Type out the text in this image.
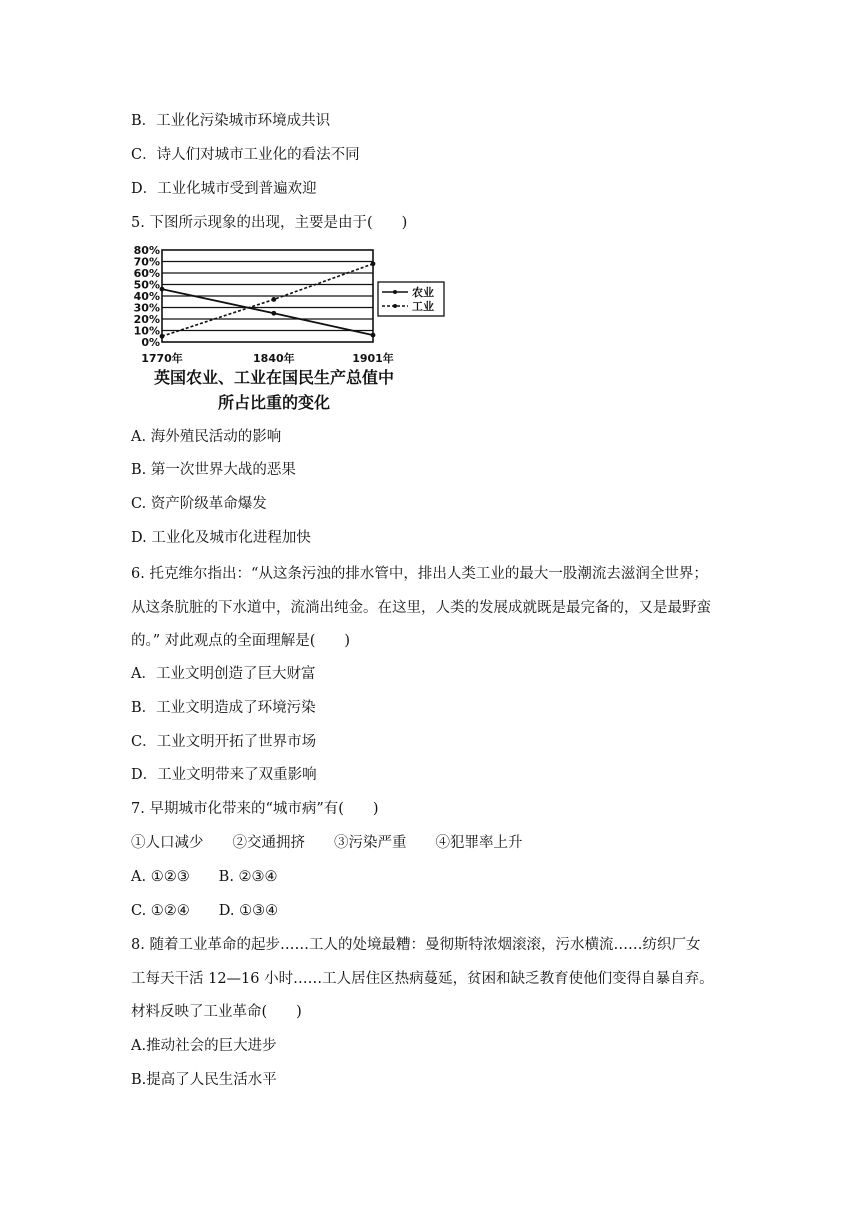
B．工业化污染城市环境成共识
C．诗人们对城市工业化的看法不同
D．工业化城市受到普遍欢迎
5. 下图所示现象的出现，主要是由于(　　)
0%
10%
20%
30%
40%
50%
60%
70%
80%
1770年	1840年	1901年
农业
工业
英国农业、工业在国民生产总值中
所占比重的变化
A. 海外殖民活动的影响
B. 第一次世界大战的恶果
C. 资产阶级革命爆发
D. 工业化及城市化进程加快
6. 托克维尔指出：“从这条污浊的排水管中，排出人类工业的最大一股潮流去滋润全世界；
从这条肮脏的下水道中，流淌出纯金。在这里，人类的发展成就既是最完备的，又是最野蛮
的。” 对此观点的全面理解是(　　)
A．工业文明创造了巨大财富
B．工业文明造成了环境污染
C．工业文明开拓了世界市场
D．工业文明带来了双重影响
7. 早期城市化带来的“城市病”有(　　)
①人口减少　　②交通拥挤　　③污染严重　　④犯罪率上升
A. ①②③　　B. ②③④
C. ①②④　　D. ①③④
8. 随着工业革命的起步……工人的处境最糟：曼彻斯特浓烟滚滚，污水横流……纺织厂女
工每天干活 12—16 小时……工人居住区热病蔓延，贫困和缺乏教育使他们变得自暴自弃。
材料反映了工业革命(　　)
A.推动社会的巨大进步
B.提高了人民生活水平
